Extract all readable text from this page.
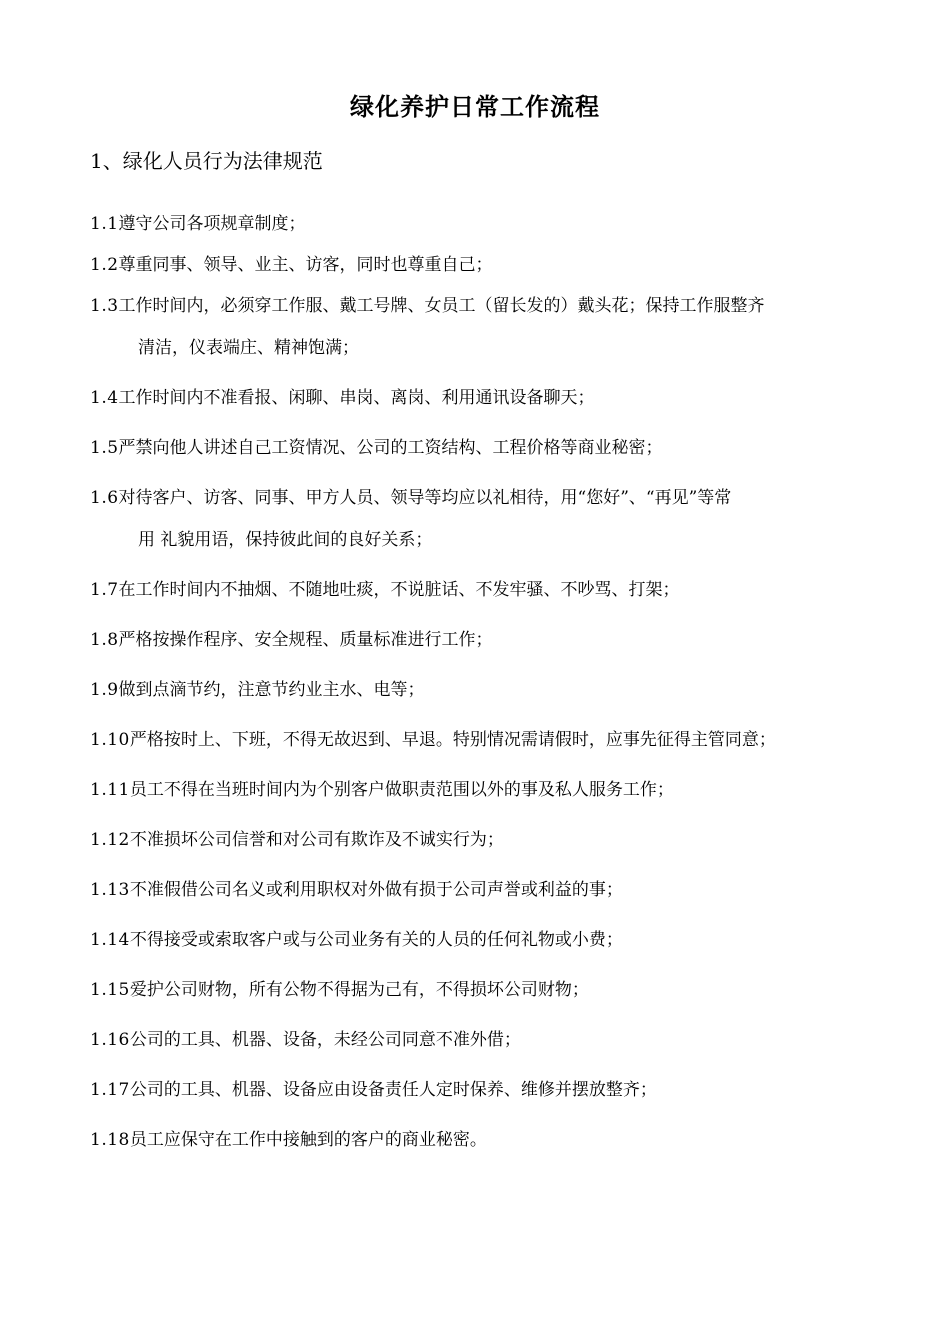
绿化养护日常工作流程
1、绿化人员行为法律规范
1.1遵守公司各项规章制度；
1.2尊重同事、领导、业主、访客，同时也尊重自己；
1.3工作时间内，必须穿工作服、戴工号牌、女员工（留长发的）戴头花；保持工作服整齐
清洁，仪表端庄、精神饱满；
1.4工作时间内不准看报、闲聊、串岗、离岗、利用通讯设备聊天；
1.5严禁向他人讲述自己工资情况、公司的工资结构、工程价格等商业秘密；
1.6对待客户、访客、同事、甲方人员、领导等均应以礼相待，用“您好”、“再见”等常
用 礼貌用语，保持彼此间的良好关系；
1.7在工作时间内不抽烟、不随地吐痰，不说脏话、不发牢骚、不吵骂、打架；
1.8严格按操作程序、安全规程、质量标准进行工作；
1.9做到点滴节约，注意节约业主水、电等；
1.10严格按时上、下班，不得无故迟到、早退。特别情况需请假时，应事先征得主管同意；
1.11员工不得在当班时间内为个别客户做职责范围以外的事及私人服务工作；
1.12不准损坏公司信誉和对公司有欺诈及不诚实行为；
1.13不准假借公司名义或利用职权对外做有损于公司声誉或利益的事；
1.14不得接受或索取客户或与公司业务有关的人员的任何礼物或小费；
1.15爱护公司财物，所有公物不得据为己有，不得损坏公司财物；
1.16公司的工具、机器、设备，未经公司同意不准外借；
1.17公司的工具、机器、设备应由设备责任人定时保养、维修并摆放整齐；
1.18员工应保守在工作中接触到的客户的商业秘密。
